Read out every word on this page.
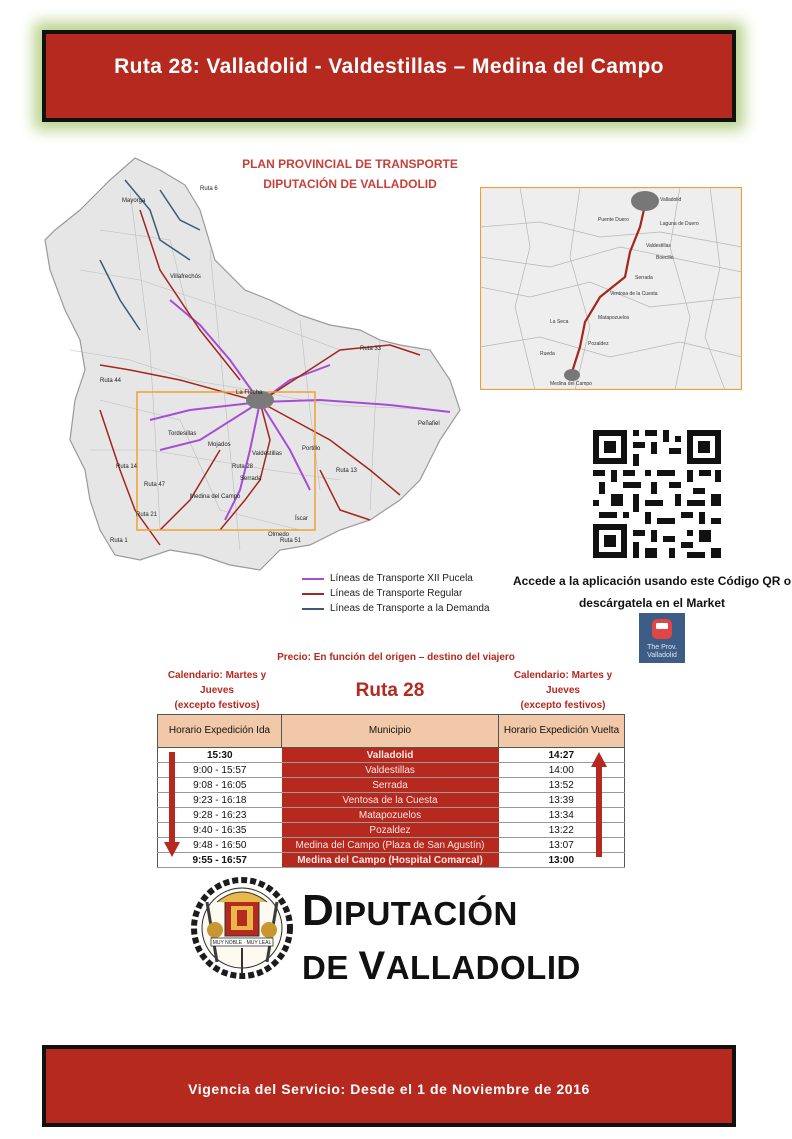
Ruta 28: Valladolid - Valdestillas – Medina del Campo
PLAN PROVINCIAL DE TRANSPORTE
DIPUTACIÓN DE VALLADOLID
La Flecha
Ruta 28
Medina del Campo
Olmedo
Peñafiel
Mayorga
Villafrechós
Tordesillas
Portillo
Mojados
Valdestillas
Serrada
Íscar
Ruta 14
Ruta 21
Ruta 51
Ruta 13
Ruta 47
Ruta 1
Ruta 6
Ruta 33
Ruta 44
Valladolid
Valdestillas
Serrada
Ventosa de la Cuesta
Matapozuelos
Pozaldez
Medina del Campo
Puente Duero
La Seca
Rueda
Laguna de Duero
Boecillo
Accede a la aplicación usando este Código QR o descárgatela en el Market
The Prov. Valladolid
Líneas de Transporte XII Pucela
Líneas de Transporte Regular
Líneas de Transporte a la Demanda
Precio: En función del origen – destino del viajero
Calendario: Martes y
Jueves
(excepto festivos)
Calendario: Martes y
Jueves
(excepto festivos)
Ruta 28
Horario Expedición Ida	Municipio	Horario Expedición Vuelta
15:30	Valladolid	14:27
9:00 - 15:57	Valdestillas	14:00
9:08 - 16:05	Serrada	13:52
9:23 - 16:18	Ventosa de la Cuesta	13:39
9:28 - 16:23	Matapozuelos	13:34
9:40 - 16:35	Pozaldez	13:22
9:48 - 16:50	Medina del Campo (Plaza de San Agustín)	13:07
9:55 - 16:57	Medina del Campo (Hospital Comarcal)	13:00
MUY NOBLE · MUY LEAL
DIPUTACIÓN
DE VALLADOLID
Vigencia del Servicio: Desde el 1 de Noviembre de 2016
